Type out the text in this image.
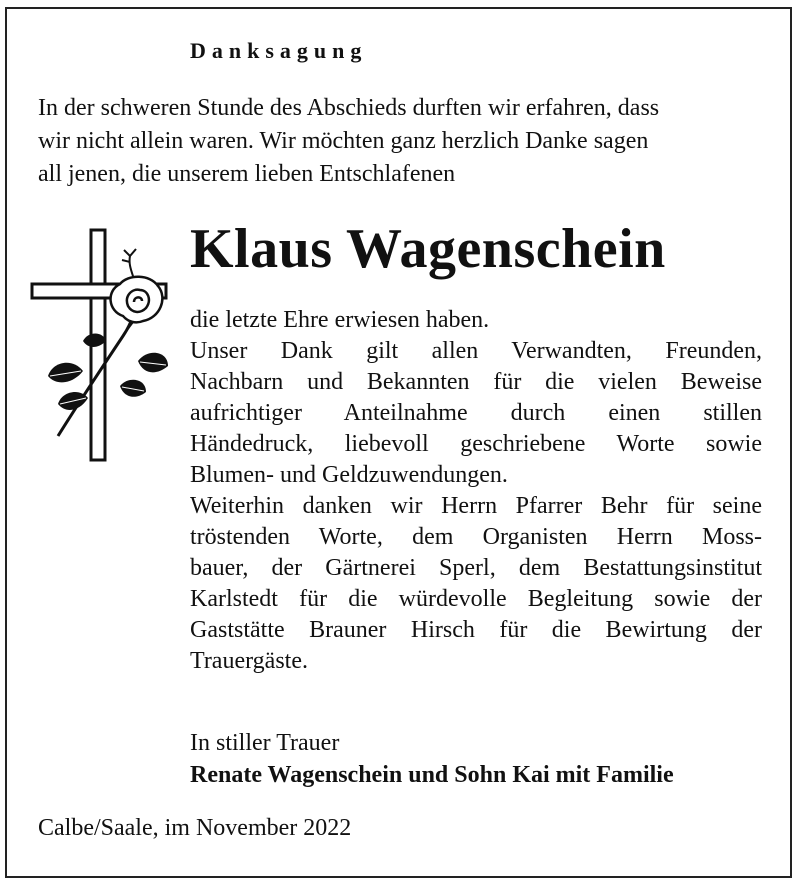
Danksagung
In der schweren Stunde des Abschieds durften wir erfahren, dass
wir nicht allein waren. Wir möchten ganz herzlich Danke sagen
all jenen, die unserem lieben Entschlafenen
Klaus Wagenschein
die letzte Ehre erwiesen haben.
Unser Dank gilt allen Verwandten, Freunden,
Nachbarn und Bekannten für die vielen Beweise
aufrichtiger Anteilnahme durch einen stillen
Händedruck, liebevoll geschriebene Worte sowie
Blumen- und Geldzuwendungen.
Weiterhin danken wir Herrn Pfarrer Behr für seine
tröstenden Worte, dem Organisten Herrn Moss-
bauer, der Gärtnerei Sperl, dem Bestattungsinstitut
Karlstedt für die würdevolle Begleitung sowie der
Gaststätte Brauner Hirsch für die Bewirtung der
Trauergäste.
In stiller Trauer
Renate Wagenschein und Sohn Kai mit Familie
Calbe/Saale, im November 2022
